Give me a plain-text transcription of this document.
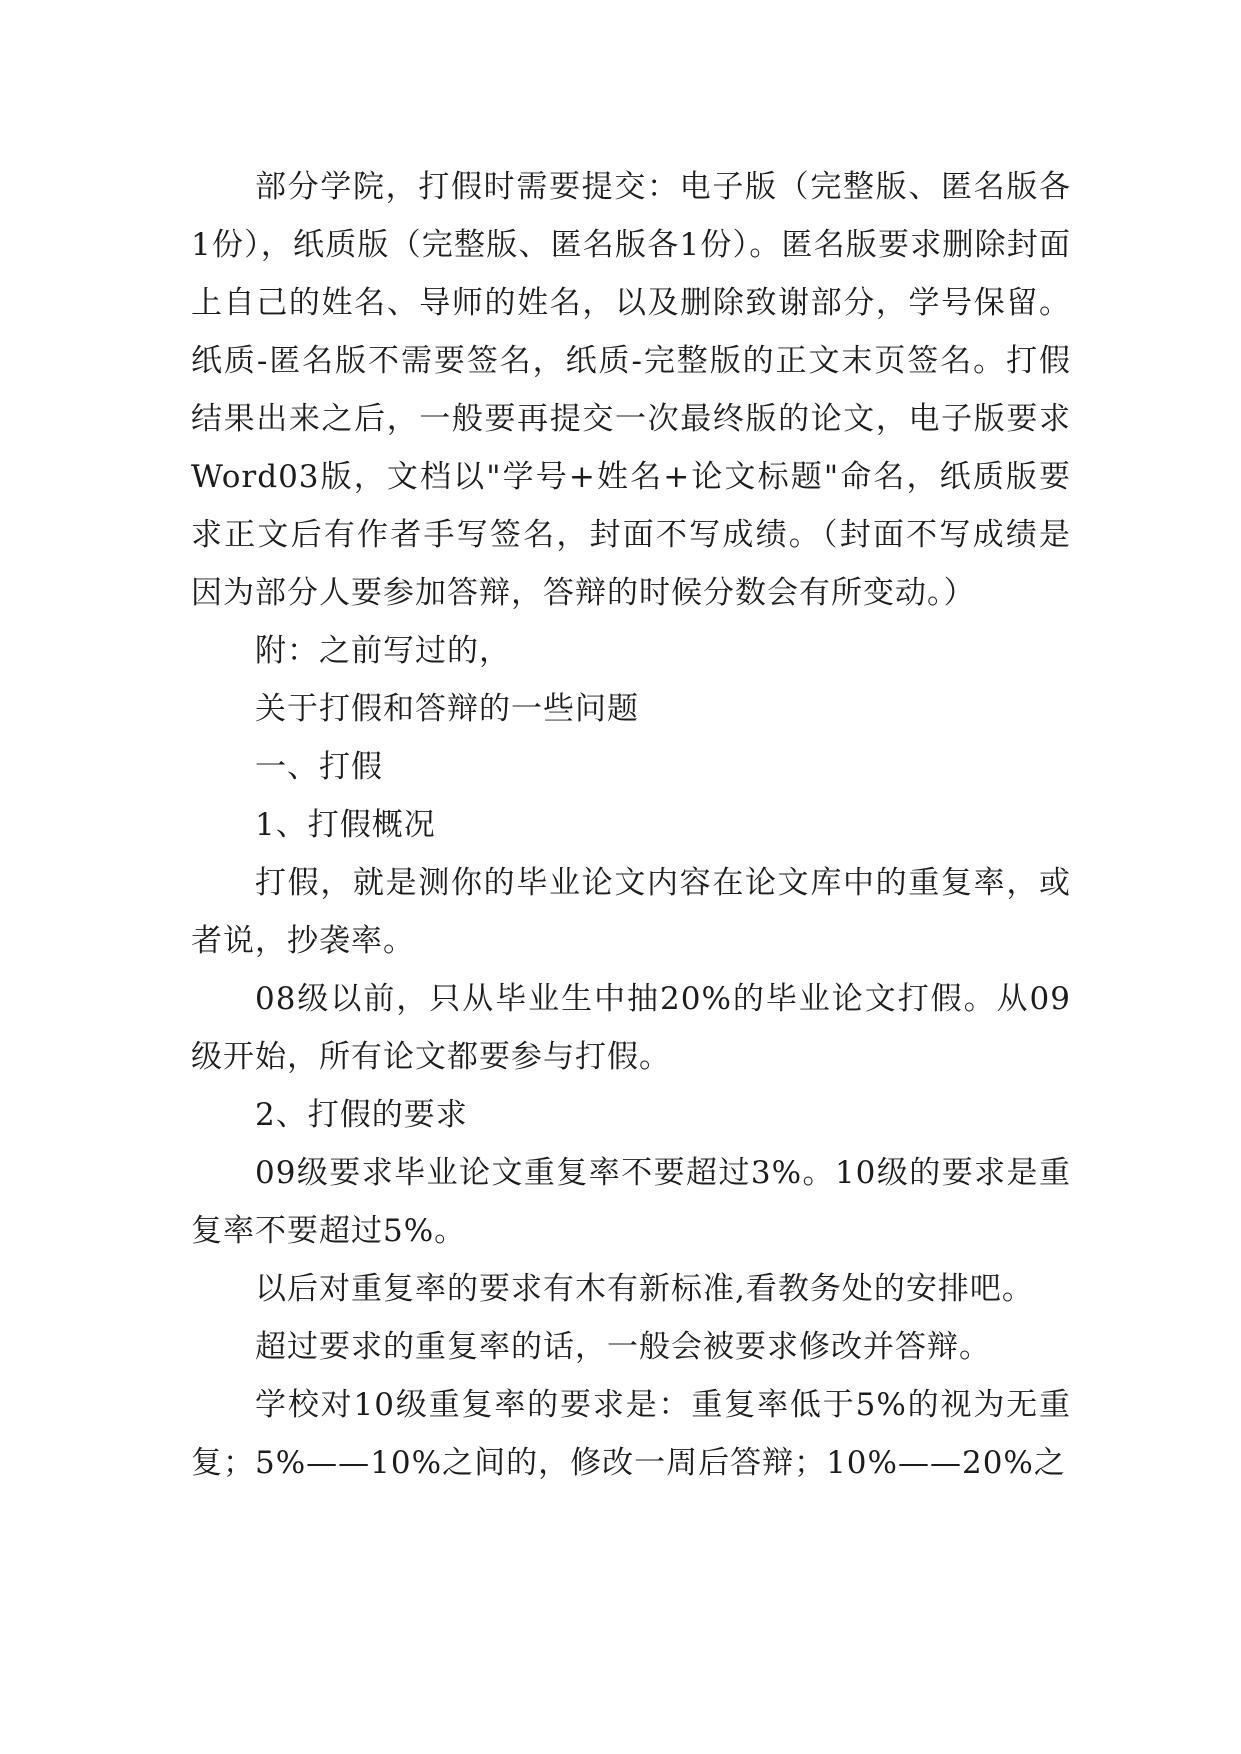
部分学院，打假时需要提交：电子版（完整版、匿名版各1份），纸质版（完整版、匿名版各1份）。匿名版要求删除封面上自己的姓名、导师的姓名，以及删除致谢部分，学号保留。纸质-匿名版不需要签名，纸质-完整版的正文末页签名。打假结果出来之后，一般要再提交一次最终版的论文，电子版要求Word03版，文档以"学号+姓名+论文标题"命名，纸质版要求正文后有作者手写签名，封面不写成绩。（封面不写成绩是因为部分人要参加答辩，答辩的时候分数会有所变动。）

附：之前写过的，

关于打假和答辩的一些问题

一、打假

1、打假概况

打假，就是测你的毕业论文内容在论文库中的重复率，或者说，抄袭率。

08级以前，只从毕业生中抽20%的毕业论文打假。从09级开始，所有论文都要参与打假。

2、打假的要求

09级要求毕业论文重复率不要超过3%。10级的要求是重复率不要超过5%。

以后对重复率的要求有木有新标准,看教务处的安排吧。

超过要求的重复率的话，一般会被要求修改并答辩。

学校对10级重复率的要求是：重复率低于5%的视为无重复；5%——10%之间的，修改一周后答辩；10%——20%之
